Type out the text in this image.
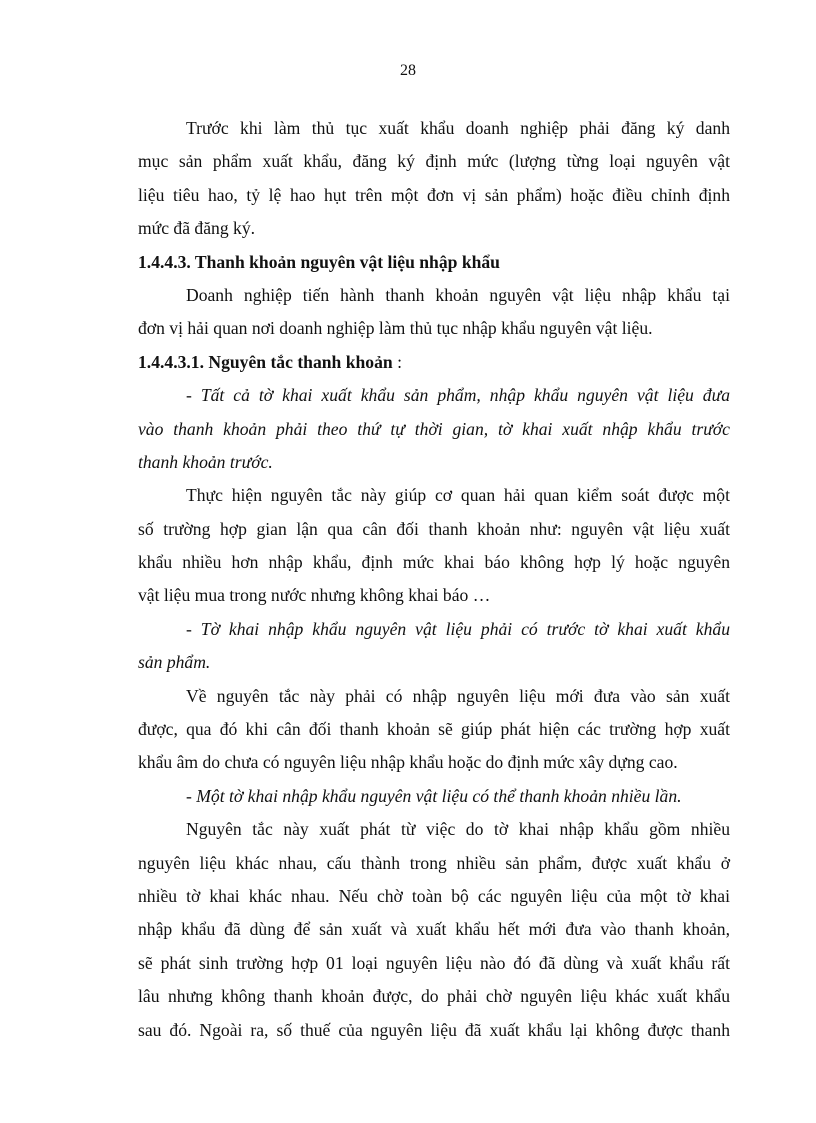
28
Trước khi làm thủ tục xuất khẩu doanh nghiệp phải đăng ký danh
mục sản phẩm xuất khẩu, đăng ký định mức (lượng từng loại nguyên vật
liệu tiêu hao, tỷ lệ hao hụt trên một đơn vị sản phẩm) hoặc điều chỉnh định
mức đã đăng ký.
1.4.4.3. Thanh khoản nguyên vật liệu nhập khẩu
Doanh nghiệp tiến hành thanh khoản nguyên vật liệu nhập khẩu tại
đơn vị hải quan nơi doanh nghiệp làm thủ tục nhập khẩu nguyên vật liệu.
1.4.4.3.1. Nguyên tắc thanh khoản :
- Tất cả tờ khai xuất khẩu sản phẩm, nhập khẩu nguyên vật liệu đưa
vào thanh khoản phải theo thứ tự thời gian, tờ khai xuất nhập khẩu trước
thanh khoản trước.
Thực hiện nguyên tắc này giúp cơ quan hải quan kiểm soát được một
số trường hợp gian lận qua cân đối thanh khoản như: nguyên vật liệu xuất
khẩu nhiều hơn nhập khẩu, định mức khai báo không hợp lý hoặc nguyên
vật liệu mua trong nước nhưng không khai báo …
- Tờ khai nhập khẩu nguyên vật liệu phải có trước tờ khai xuất khẩu
sản phẩm.
Về nguyên tắc này phải có nhập nguyên liệu mới đưa vào sản xuất
được, qua đó khi cân đối thanh khoản sẽ giúp phát hiện các trường hợp xuất
khẩu âm do chưa có nguyên liệu nhập khẩu hoặc do định mức xây dựng cao.
- Một tờ khai nhập khẩu nguyên vật liệu có thể thanh khoản nhiều lần.
Nguyên tắc này xuất phát từ việc do tờ khai nhập khẩu gồm nhiều
nguyên liệu khác nhau, cấu thành trong nhiều sản phẩm, được xuất khẩu ở
nhiều tờ khai khác nhau. Nếu chờ toàn bộ các nguyên liệu của một tờ khai
nhập khẩu đã dùng để sản xuất và xuất khẩu hết mới đưa vào thanh khoản,
sẽ phát sinh trường hợp 01 loại nguyên liệu nào đó đã dùng và xuất khẩu rất
lâu nhưng không thanh khoản được, do phải chờ nguyên liệu khác xuất khẩu
sau đó. Ngoài ra, số thuế của nguyên liệu đã xuất khẩu lại không được thanh
